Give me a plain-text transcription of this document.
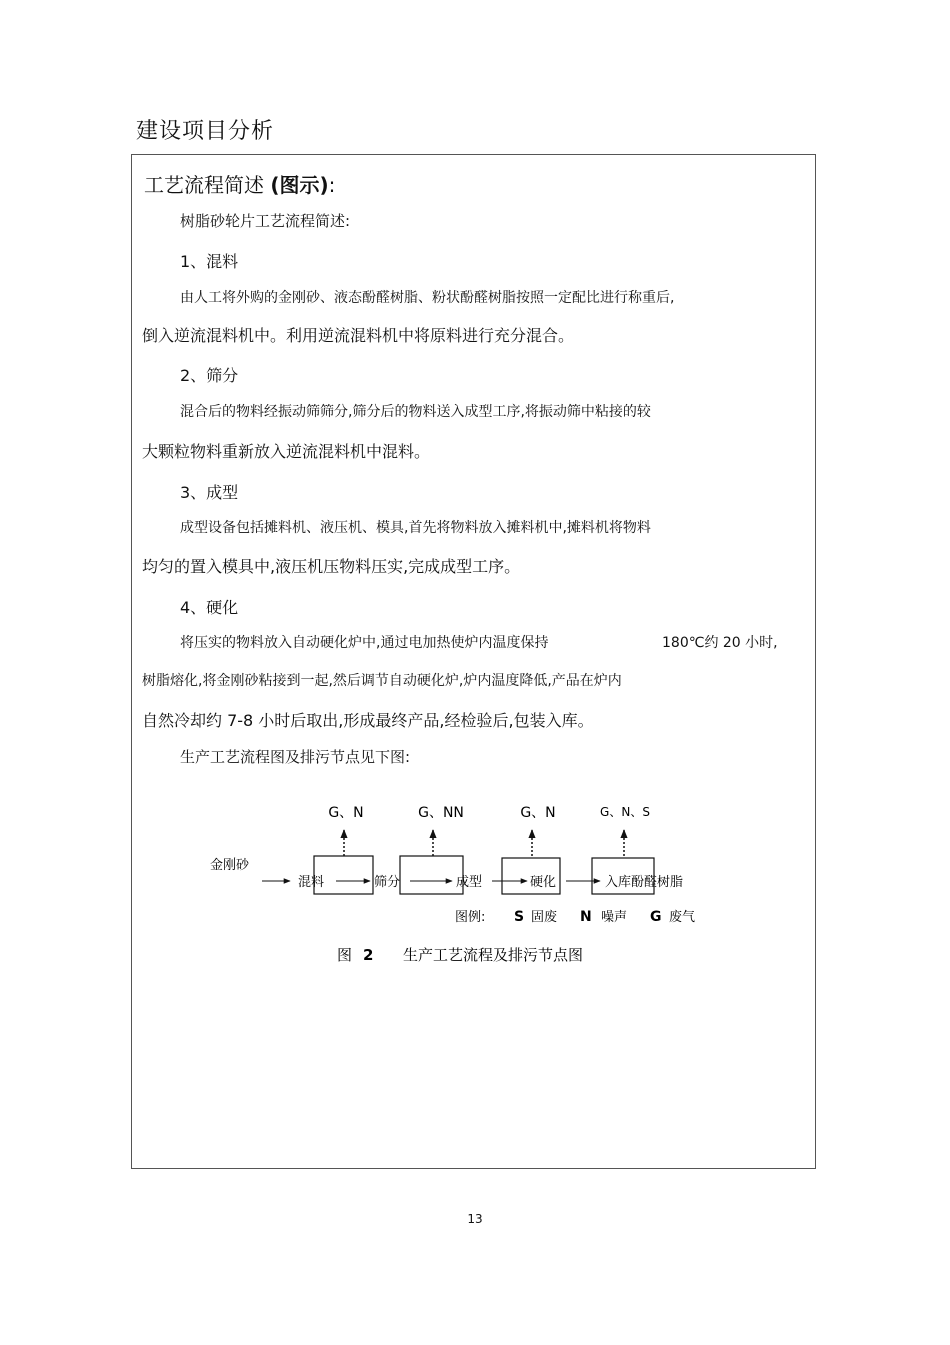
建设项目分析
工艺流程简述 (图示):
树脂砂轮片工艺流程简述:
1、混料
由人工将外购的金刚砂、液态酚醛树脂、粉状酚醛树脂按照一定配比进行称重后,
倒入逆流混料机中。利用逆流混料机中将原料进行充分混合。
2、筛分
混合后的物料经振动筛筛分,筛分后的物料送入成型工序,将振动筛中粘接的较
大颗粒物料重新放入逆流混料机中混料。
3、成型
成型设备包括摊料机、液压机、模具,首先将物料放入摊料机中,摊料机将物料
均匀的置入模具中,液压机压物料压实,完成成型工序。
4、硬化
将压实的物料放入自动硬化炉中,通过电加热使炉内温度保持	180℃约 20 小时,
树脂熔化,将金刚砂粘接到一起,然后调节自动硬化炉,炉内温度降低,产品在炉内
自然冷却约 7-8 小时后取出,形成最终产品,经检验后,包装入库。
生产工艺流程图及排污节点见下图:
G、N	G、NN	G、N	G、N、S
金刚砂
混料	筛分	成型	硬化	入库酚醛树脂
图例: S 固废 N 噪声 G 废气
图 2 生产工艺流程及排污节点图
13
